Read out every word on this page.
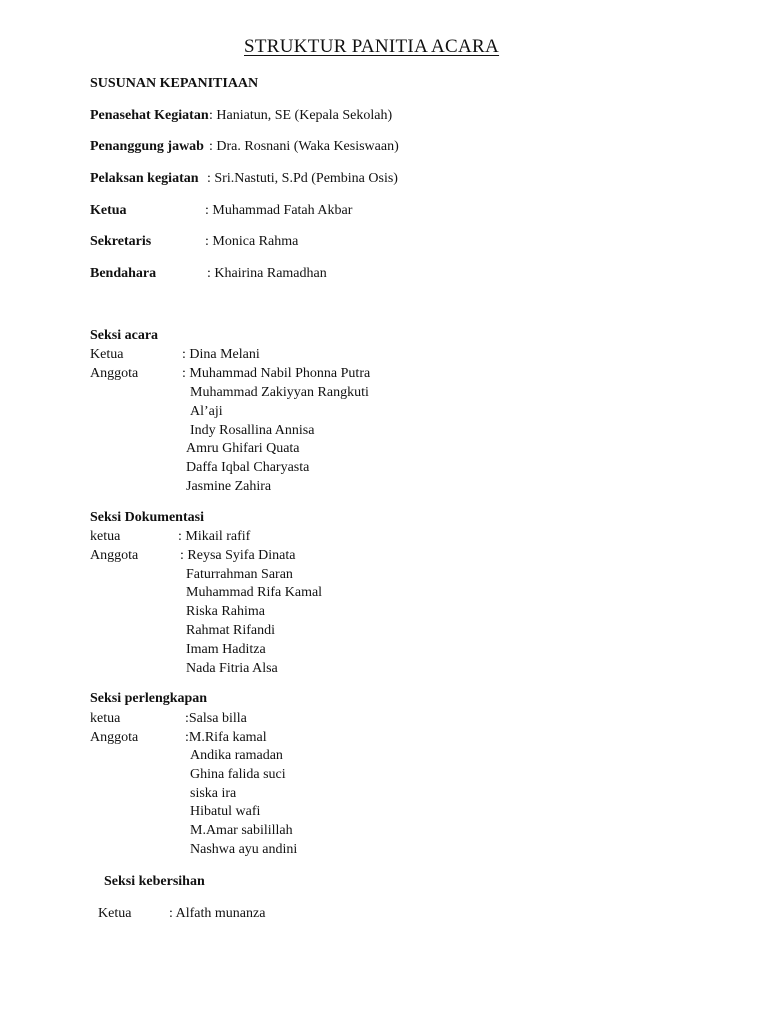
STRUKTUR PANITIA ACARA
SUSUNAN KEPANITIAAN
Penasehat Kegiatan : Haniatun, SE (Kepala Sekolah)
Penanggung jawab : Dra. Rosnani (Waka Kesiswaan)
Pelaksan kegiatan : Sri.Nastuti, S.Pd (Pembina Osis)
Ketua	: Muhammad Fatah Akbar
Sekretaris	: Monica Rahma
Bendahara	: Khairina Ramadhan
Seksi acara
Ketua	: Dina Melani
Anggota	: Muhammad Nabil Phonna Putra
Muhammad Zakiyyan Rangkuti
Al’aji
Indy Rosallina Annisa
Amru Ghifari Quata
Daffa Iqbal Charyasta
Jasmine Zahira
Seksi Dokumentasi
ketua	: Mikail rafif
Anggota	: Reysa Syifa Dinata
Faturrahman Saran
Muhammad Rifa Kamal
Riska Rahima
Rahmat Rifandi
Imam Haditza
Nada Fitria Alsa
Seksi perlengkapan
ketua	:Salsa billa
Anggota	:M.Rifa kamal
Andika ramadan
Ghina falida suci
siska ira
Hibatul wafi
M.Amar sabilillah
Nashwa ayu andini
Seksi kebersihan
Ketua	: Alfath munanza
